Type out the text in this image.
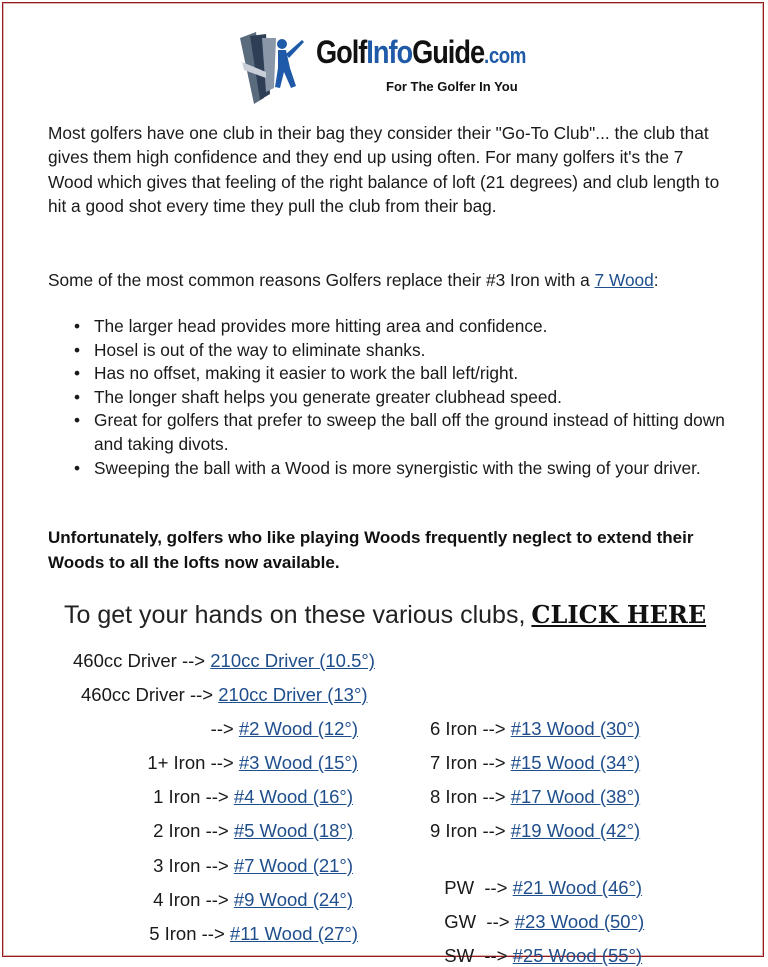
GolfInfoGuide.com
For The Golfer In You

Most golfers have one club in their bag they consider their "Go-To Club"... the club that gives them high confidence and they end up using often. For many golfers it's the 7 Wood which gives that feeling of the right balance of loft (21 degrees) and club length to hit a good shot every time they pull the club from their bag.

Some of the most common reasons Golfers replace their #3 Iron with a 7 Wood:

• The larger head provides more hitting area and confidence.
• Hosel is out of the way to eliminate shanks.
• Has no offset, making it easier to work the ball left/right.
• The longer shaft helps you generate greater clubhead speed.
• Great for golfers that prefer to sweep the ball off the ground instead of hitting down and taking divots.
• Sweeping the ball with a Wood is more synergistic with the swing of your driver.

Unfortunately, golfers who like playing Woods frequently neglect to extend their Woods to all the lofts now available.

To get your hands on these various clubs, CLICK HERE
460cc Driver --> 210cc Driver (10.5°)
460cc Driver --> 210cc Driver (13°)
--> #2 Wood (12°)
1+ Iron --> #3 Wood (15°)
1 Iron --> #4 Wood (16°)
2 Iron --> #5 Wood (18°)
3 Iron --> #7 Wood (21°)
4 Iron --> #9 Wood (24°)
5 Iron --> #11 Wood (27°)
6 Iron --> #13 Wood (30°)
7 Iron --> #15 Wood (34°)
8 Iron --> #17 Wood (38°)
9 Iron --> #19 Wood (42°)

PW  --> #21 Wood (46°)

GW  --> #23 Wood (50°)

SW  --> #25 Wood (55°)
